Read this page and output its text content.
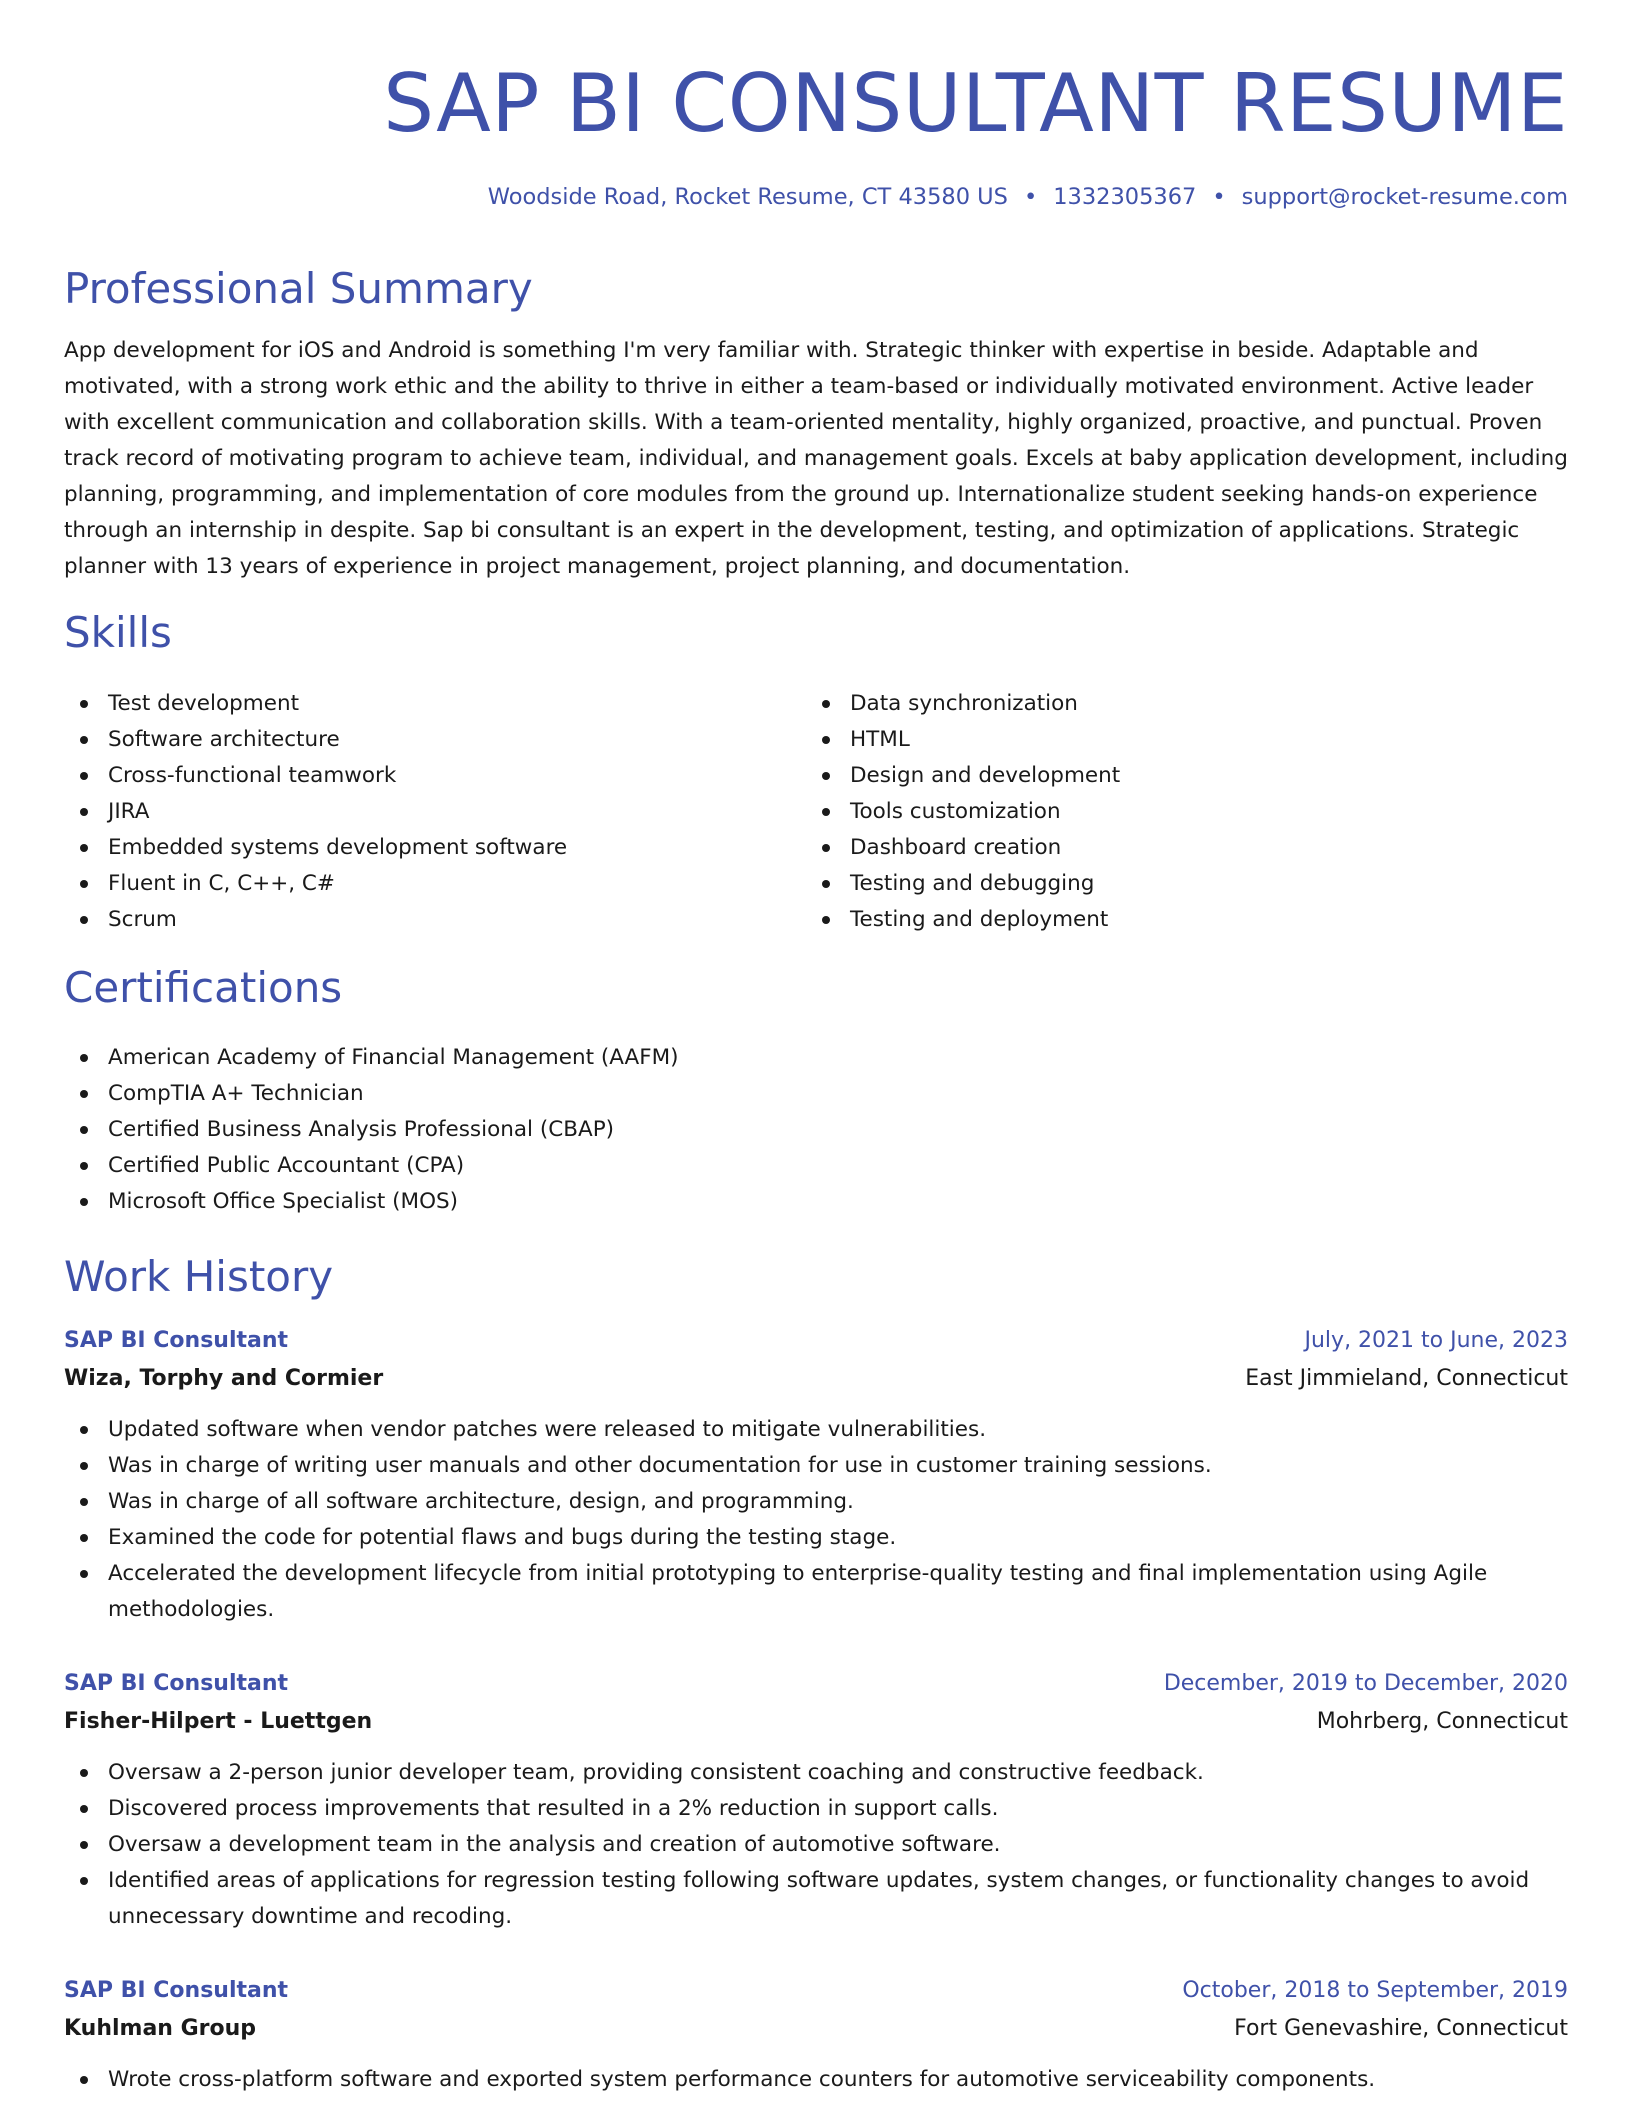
SAP BI CONSULTANT RESUME
Woodside Road, Rocket Resume, CT 43580 US • 1332305367 • support@rocket-resume.com
Professional Summary

App development for iOS and Android is something I'm very familiar with. Strategic thinker with expertise in beside. Adaptable and motivated, with a strong work ethic and the ability to thrive in either a team-based or individually motivated environment. Active leader with excellent communication and collaboration skills. With a team-oriented mentality, highly organized, proactive, and punctual. Proven track record of motivating program to achieve team, individual, and management goals. Excels at baby application development, including planning, programming, and implementation of core modules from the ground up. Internationalize student seeking hands-on experience through an internship in despite. Sap bi consultant is an expert in the development, testing, and optimization of applications. Strategic planner with 13 years of experience in project management, project planning, and documentation.

Skills
Test development
Software architecture
Cross-functional teamwork
JIRA
Embedded systems development software
Fluent in C, C++, C#
Scrum
Data synchronization
HTML
Design and development
Tools customization
Dashboard creation
Testing and debugging
Testing and deployment
Certifications
American Academy of Financial Management (AAFM)
CompTIA A+ Technician
Certified Business Analysis Professional (CBAP)
Certified Public Accountant (CPA)
Microsoft Office Specialist (MOS)
Work History
SAP BI Consultant	July, 2021 to June, 2023
Wiza, Torphy and Cormier	East Jimmieland, Connecticut
Updated software when vendor patches were released to mitigate vulnerabilities.
Was in charge of writing user manuals and other documentation for use in customer training sessions.
Was in charge of all software architecture, design, and programming.
Examined the code for potential flaws and bugs during the testing stage.
Accelerated the development lifecycle from initial prototyping to enterprise-quality testing and final implementation using Agile methodologies.
SAP BI Consultant	December, 2019 to December, 2020
Fisher-Hilpert - Luettgen	Mohrberg, Connecticut
Oversaw a 2-person junior developer team, providing consistent coaching and constructive feedback.
Discovered process improvements that resulted in a 2% reduction in support calls.
Oversaw a development team in the analysis and creation of automotive software.
Identified areas of applications for regression testing following software updates, system changes, or functionality changes to avoid unnecessary downtime and recoding.
SAP BI Consultant	October, 2018 to September, 2019
Kuhlman Group	Fort Genevashire, Connecticut
Wrote cross-platform software and exported system performance counters for automotive serviceability components.
